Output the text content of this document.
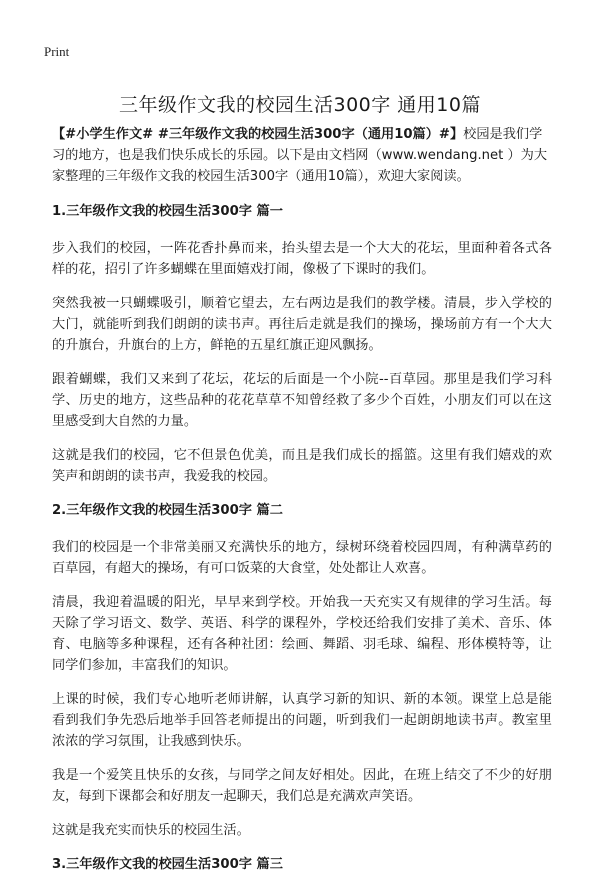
Print
三年级作文我的校园生活300字 通用10篇

【#小学生作文# #三年级作文我的校园生活300字（通用10篇）#】校园是我们学习的地方，也是我们快乐成长的乐园。以下是由文档网（www.wendang.net ）为大家整理的三年级作文我的校园生活300字（通用10篇），欢迎大家阅读。

1.三年级作文我的校园生活300字 篇一

步入我们的校园，一阵花香扑鼻而来，抬头望去是一个大大的花坛，里面种着各式各样的花，招引了许多蝴蝶在里面嬉戏打闹，像极了下课时的我们。

突然我被一只蝴蝶吸引，顺着它望去，左右两边是我们的教学楼。清晨，步入学校的大门，就能听到我们朗朗的读书声。再往后走就是我们的操场，操场前方有一个大大的升旗台，升旗台的上方，鲜艳的五星红旗正迎风飘扬。

跟着蝴蝶，我们又来到了花坛，花坛的后面是一个小院--百草园。那里是我们学习科学、历史的地方，这些品种的花花草草不知曾经救了多少个百姓，小朋友们可以在这里感受到大自然的力量。

这就是我们的校园，它不但景色优美，而且是我们成长的摇篮。这里有我们嬉戏的欢笑声和朗朗的读书声，我爱我的校园。

2.三年级作文我的校园生活300字 篇二

我们的校园是一个非常美丽又充满快乐的地方，绿树环绕着校园四周，有种满草药的百草园，有超大的操场，有可口饭菜的大食堂，处处都让人欢喜。

清晨，我迎着温暖的阳光，早早来到学校。开始我一天充实又有规律的学习生活。每天除了学习语文、数学、英语、科学的课程外，学校还给我们安排了美术、音乐、体育、电脑等多种课程，还有各种社团：绘画、舞蹈、羽毛球、编程、形体模特等，让同学们参加，丰富我们的知识。

上课的时候，我们专心地听老师讲解，认真学习新的知识、新的本领。课堂上总是能看到我们争先恐后地举手回答老师提出的问题，听到我们一起朗朗地读书声。教室里浓浓的学习氛围，让我感到快乐。

我是一个爱笑且快乐的女孩，与同学之间友好相处。因此，在班上结交了不少的好朋友，每到下课都会和好朋友一起聊天，我们总是充满欢声笑语。

这就是我充实而快乐的校园生活。

3.三年级作文我的校园生活300字 篇三
